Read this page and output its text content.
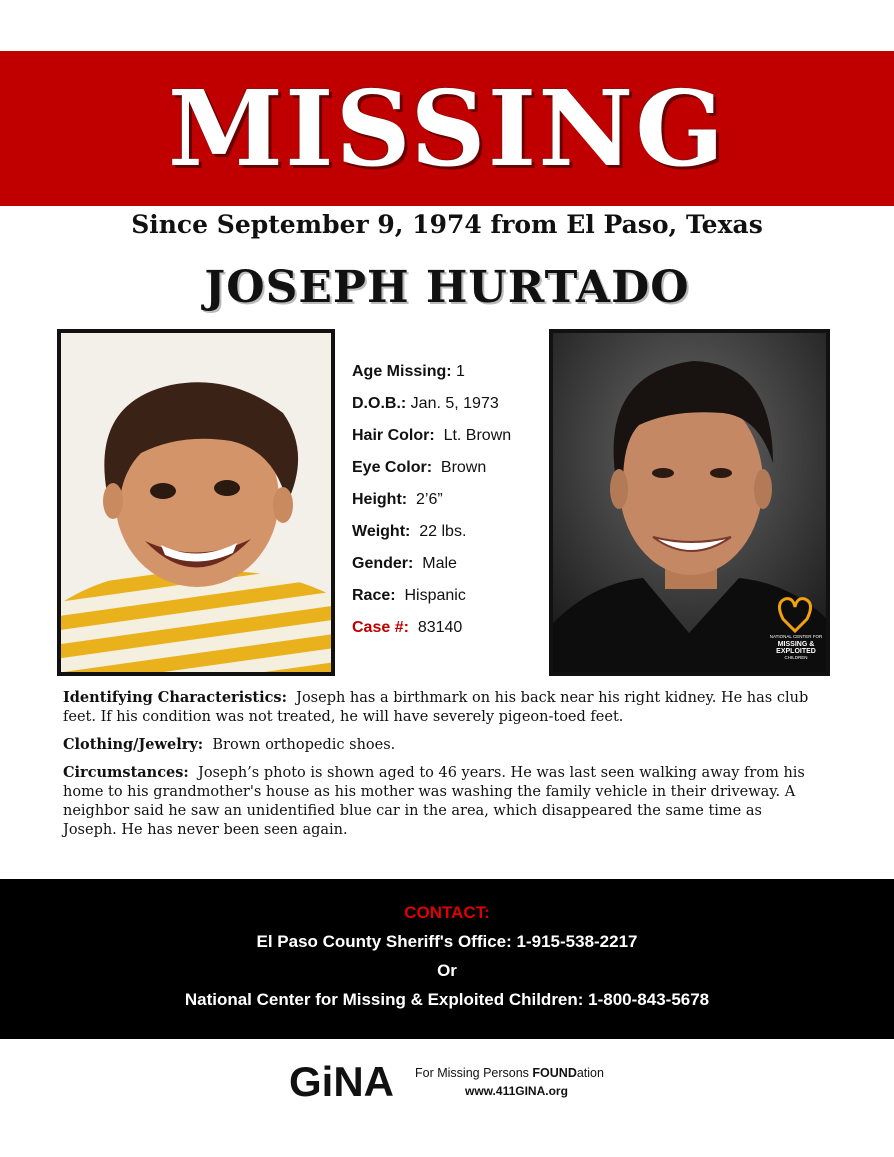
MISSING
Since September 9, 1974 from El Paso, Texas
JOSEPH HURTADO
Age Missing: 1
D.O.B.: Jan. 5, 1973
Hair Color: Lt. Brown
Eye Color: Brown
Height: 2’6”
Weight: 22 lbs.
Gender: Male
Race: Hispanic
Case #: 83140
NATIONAL CENTER FOR
MISSING &
EXPLOITED
CHILDREN

Identifying Characteristics: Joseph has a birthmark on his back near his right kidney. He has club feet. If his condition was not treated, he will have severely pigeon-toed feet.

Clothing/Jewelry: Brown orthopedic shoes.

Circumstances: Joseph’s photo is shown aged to 46 years. He was last seen walking away from his home to his grandmother's house as his mother was washing the family vehicle in their driveway. A neighbor said he saw an unidentified blue car in the area, which disappeared the same time as Joseph. He has never been seen again.

CONTACT:
El Paso County Sheriff's Office: 1-915-538-2217
Or
National Center for Missing & Exploited Children: 1-800-843-5678
GiNA For Missing Persons FOUNDation
www.411GINA.org
